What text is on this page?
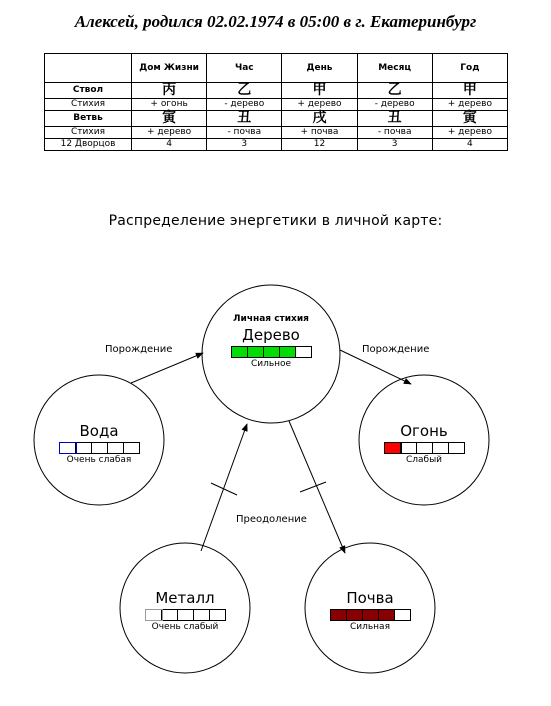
Алексей, родился 02.02.1974 в 05:00 в г. Екатеринбург
	Дом Жизни	Час	День	Месяц	Год
Ствол	丙	乙	甲	乙	甲
Стихия	+ огонь	- дерево	+ дерево	- дерево	+ дерево
Ветвь	寅	丑	戌	丑	寅
Стихия	+ дерево	- почва	+ почва	- почва	+ дерево
12 Дворцов	4	3	12	3	4
Распределение энергетики в личной карте:
Порождение	Порождение
Преодоление
Личная стихия
Дерево
Сильное
Вода
Очень слабая
Огонь
Слабый
Металл
Очень слабый
Почва
Сильная
